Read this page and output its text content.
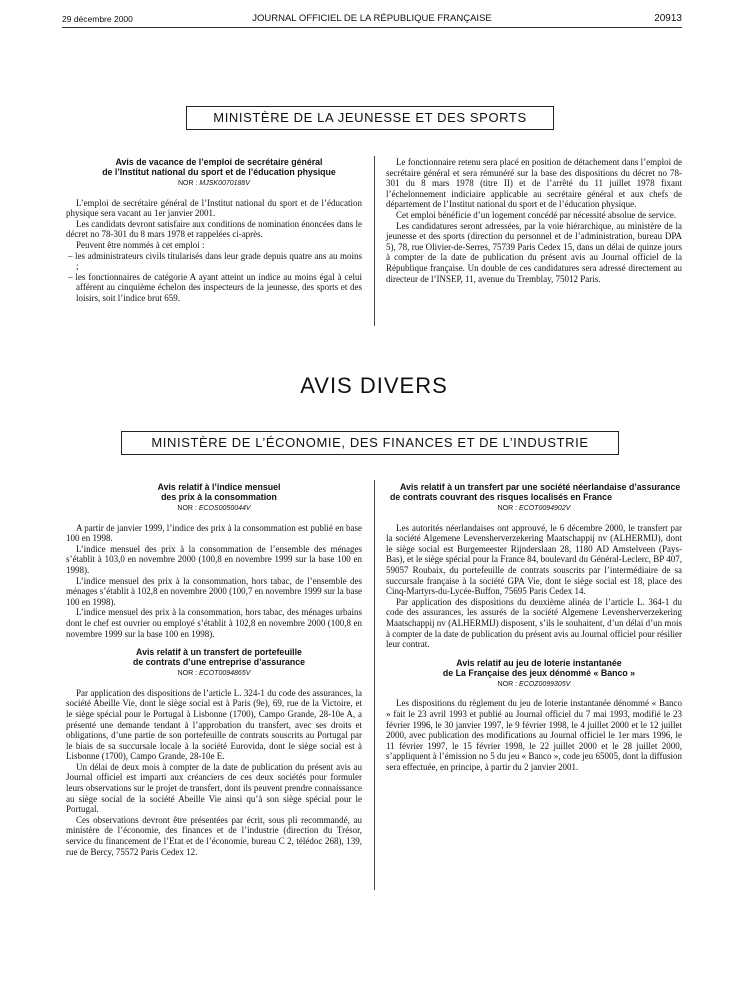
29 décembre 2000	JOURNAL OFFICIEL DE LA RÉPUBLIQUE FRANÇAISE	20913
MINISTÈRE DE LA JEUNESSE ET DES SPORTS

Avis de vacance de l’emploi de secrétaire général

de l’Institut national du sport et de l’éducation physique

NOR : MJSK0070188V

L’emploi de secrétaire général de l’Institut national du sport et de l’éducation physique sera vacant au 1er janvier 2001.

Les candidats devront satisfaire aux conditions de nomination énoncées dans le décret no 78-301 du 8 mars 1978 et rappelées ci-après.

Peuvent être nommés à cet emploi :

– les administrateurs civils titularisés dans leur grade depuis quatre ans au moins ;
– les fonctionnaires de catégorie A ayant atteint un indice au moins égal à celui afférent au cinquième échelon des inspecteurs de la jeunesse, des sports et des loisirs, soit l’indice brut 659.

Le fonctionnaire retenu sera placé en position de détachement dans l’emploi de secrétaire général et sera rémunéré sur la base des dispositions du décret no 78-301 du 8 mars 1978 (titre II) et de l’arrêté du 11 juillet 1978 fixant l’échelonnement indiciaire applicable au secrétaire général et aux chefs de département de l’Institut national du sport et de l’éducation physique.

Cet emploi bénéficie d’un logement concédé par nécessité absolue de service.

Les candidatures seront adressées, par la voie hiérarchique, au ministère de la jeunesse et des sports (direction du personnel et de l’administration, bureau DPA 5), 78, rue Olivier-de-Serres, 75739 Paris Cedex 15, dans un délai de quinze jours à compter de la date de publication du présent avis au Journal officiel de la République française. Un double de ces candidatures sera adressé directement au directeur de l’INSEP, 11, avenue du Tremblay, 75012 Paris.

AVIS DIVERS
MINISTÈRE DE L’ÉCONOMIE, DES FINANCES ET DE L’INDUSTRIE

Avis relatif à l’indice mensuel

des prix à la consommation

NOR : ECOS0050044V

A partir de janvier 1999, l’indice des prix à la consommation est publié en base 100 en 1998.

L’indice mensuel des prix à la consommation de l’ensemble des ménages s’établit à 103,0 en novembre 2000 (100,8 en novembre 1999 sur la base 100 en 1998).

L’indice mensuel des prix à la consommation, hors tabac, de l’ensemble des ménages s’établit à 102,8 en novembre 2000 (100,7 en novembre 1999 sur la base 100 en 1998).

L’indice mensuel des prix à la consommation, hors tabac, des ménages urbains dont le chef est ouvrier ou employé s’établit à 102,8 en novembre 2000 (100,8 en novembre 1999 sur la base 100 en 1998).

Avis relatif à un transfert de portefeuille

de contrats d’une entreprise d’assurance

NOR : ECOT0094865V

Par application des dispositions de l’article L. 324-1 du code des assurances, la société Abeille Vie, dont le siège social est à Paris (9e), 69, rue de la Victoire, et le siège spécial pour le Portugal à Lisbonne (1700), Campo Grande, 28-10e A, a présenté une demande tendant à l’approbation du transfert, avec ses droits et obligations, d’une partie de son portefeuille de contrats souscrits au Portugal par le biais de sa succursale locale à la société Eurovida, dont le siège social est à Lisbonne (1700), Campo Grande, 28-10e E.

Un délai de deux mois à compter de la date de publication du présent avis au Journal officiel est imparti aux créanciers de ces deux sociétés pour formuler leurs observations sur le projet de transfert, dont ils peuvent prendre connaissance au siège social de la société Abeille Vie ainsi qu’à son siège spécial pour le Portugal.

Ces observations devront être présentées par écrit, sous pli recommandé, au ministère de l’économie, des finances et de l’industrie (direction du Trésor, service du financement de l’Etat et de l’économie, bureau C 2, télédoc 268), 139, rue de Bercy, 75572 Paris Cedex 12.

Avis relatif à un transfert par une société néerlandaise d’assurance de contrats couvrant des risques localisés en France

NOR : ECOT0094902V

Les autorités néerlandaises ont approuvé, le 6 décembre 2000, le transfert par la société Algemene Levensherverzekering Maatschappij nv (ALHERMIJ), dont le siège social est Burgemeester Rijnderslaan 28, 1180 AD Amstelveen (Pays-Bas), et le siège spécial pour la France 84, boulevard du Général-Leclerc, BP 407, 59057 Roubaix, du portefeuille de contrats souscrits par l’intermédiaire de sa succursale française à la société GPA Vie, dont le siège social est 18, place des Cinq-Martyrs-du-Lycée-Buffon, 75695 Paris Cedex 14.

Par application des dispositions du deuxième alinéa de l’article L. 364-1 du code des assurances, les assurés de la société Algemene Levensherverzekering Maatschappij nv (ALHERMIJ) disposent, s’ils le souhaitent, d’un délai d’un mois à compter de la date de publication du présent avis au Journal officiel pour résilier leur contrat.

Avis relatif au jeu de loterie instantanée

de La Française des jeux dénommé « Banco »

NOR : ECOZ0099305V

Les dispositions du règlement du jeu de loterie instantanée dénommé « Banco » fait le 23 avril 1993 et publié au Journal officiel du 7 mai 1993, modifié le 23 février 1996, le 30 janvier 1997, le 9 février 1998, le 4 juillet 2000 et le 12 juillet 2000, avec publication des modifications au Journal officiel le 1er mars 1996, le 11 février 1997, le 15 février 1998, le 22 juillet 2000 et le 28 juillet 2000, s’appliquent à l’émission no 5 du jeu « Banco », code jeu 65005, dont la diffusion sera effectuée, en principe, à partir du 2 janvier 2001.
